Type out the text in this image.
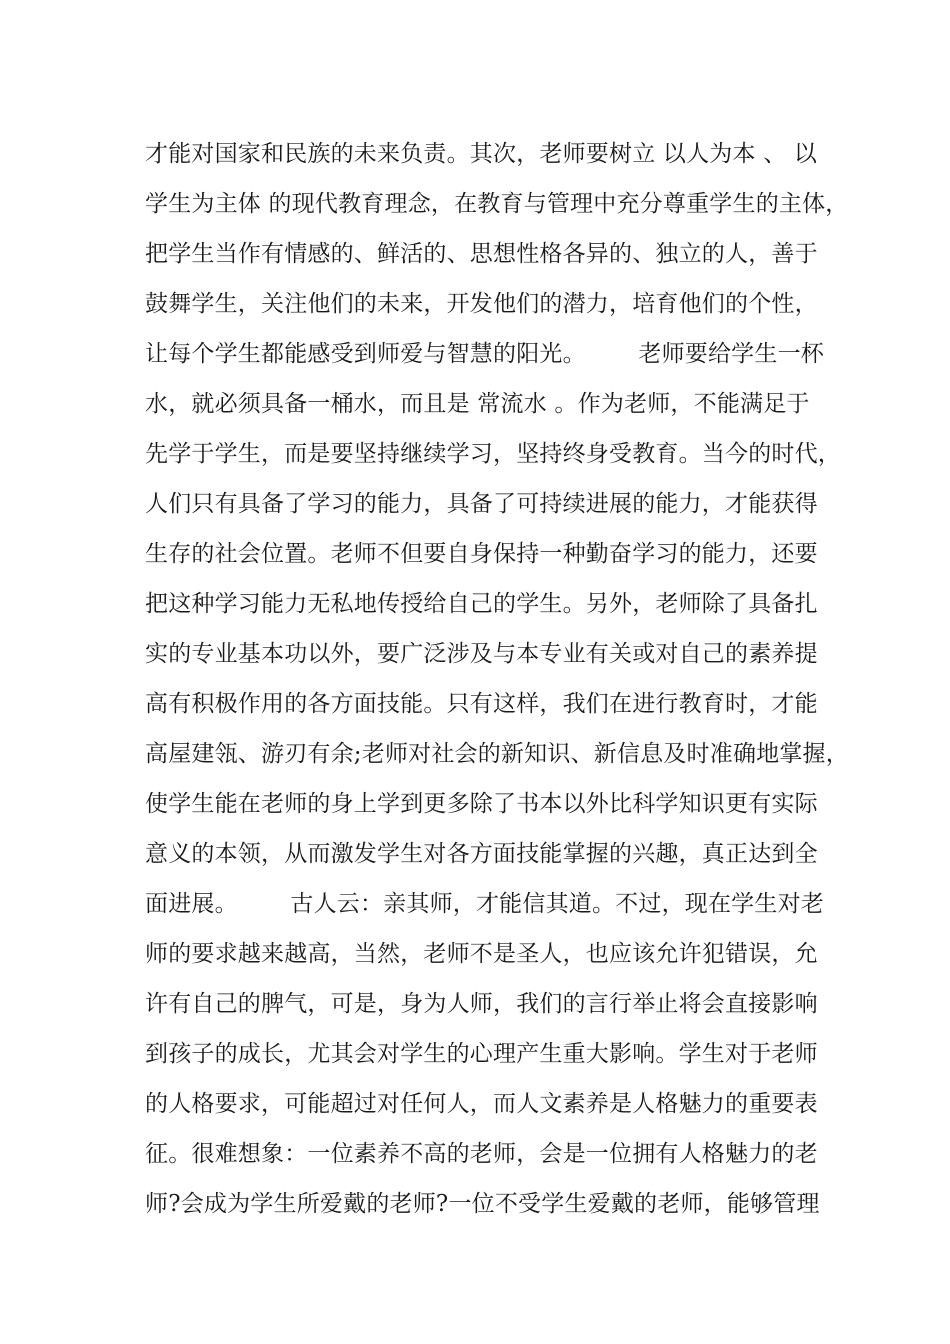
才能对国家和民族的未来负责。其次，老师要树立 以人为本 、 以
学生为主体 的现代教育理念，在教育与管理中充分尊重学生的主体，
把学生当作有情感的、鲜活的、思想性格各异的、独立的人，善于
鼓舞学生，关注他们的未来，开发他们的潜力，培育他们的个性，
让每个学生都能感受到师爱与智慧的阳光。       老师要给学生一杯
水，就必须具备一桶水，而且是 常流水 。作为老师，不能满足于
先学于学生，而是要坚持继续学习，坚持终身受教育。当今的时代，
人们只有具备了学习的能力，具备了可持续进展的能力，才能获得
生存的社会位置。老师不但要自身保持一种勤奋学习的能力，还要
把这种学习能力无私地传授给自己的学生。另外，老师除了具备扎
实的专业基本功以外，要广泛涉及与本专业有关或对自己的素养提
高有积极作用的各方面技能。只有这样，我们在进行教育时，才能
高屋建瓴、游刃有余;老师对社会的新知识、新信息及时准确地掌握，
使学生能在老师的身上学到更多除了书本以外比科学知识更有实际
意义的本领，从而激发学生对各方面技能掌握的兴趣，真正达到全
面进展。       古人云：亲其师，才能信其道。不过，现在学生对老
师的要求越来越高，当然，老师不是圣人，也应该允许犯错误，允
许有自己的脾气，可是，身为人师，我们的言行举止将会直接影响
到孩子的成长，尤其会对学生的心理产生重大影响。学生对于老师
的人格要求，可能超过对任何人，而人文素养是人格魅力的重要表
征。很难想象：一位素养不高的老师，会是一位拥有人格魅力的老
师?会成为学生所爱戴的老师?一位不受学生爱戴的老师，能够管理
